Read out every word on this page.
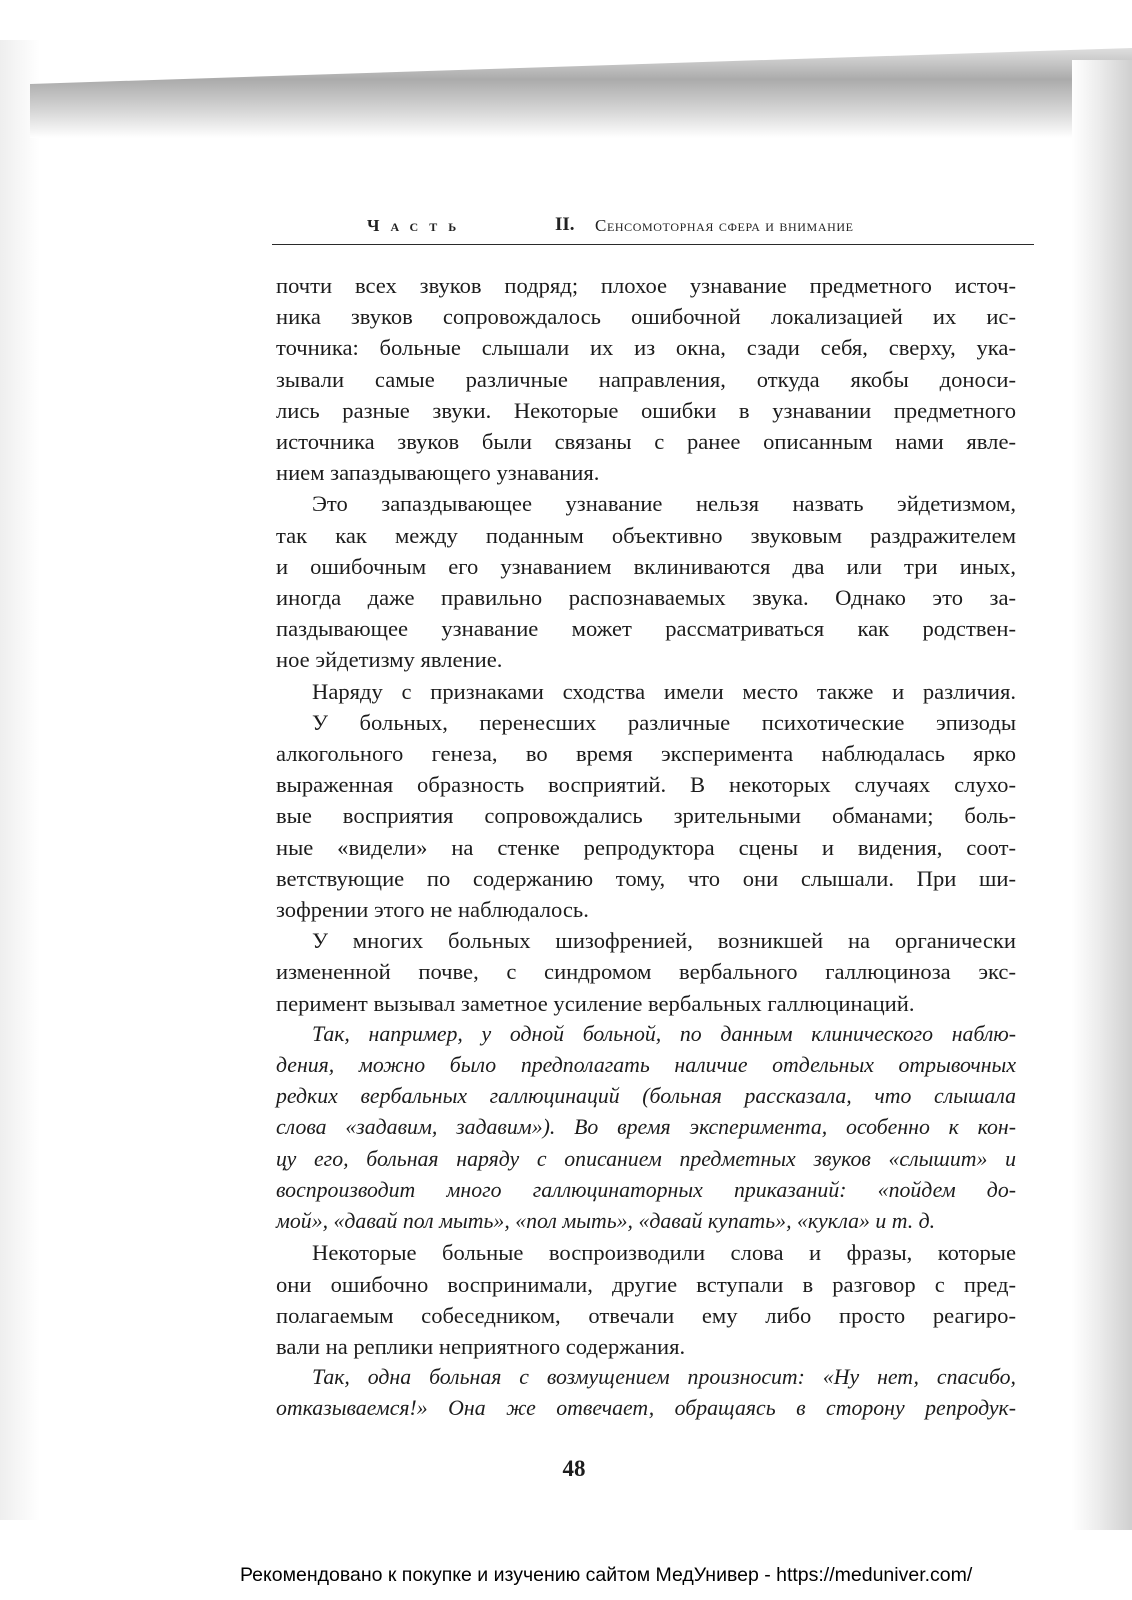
Часть	II. Сенсомоторная сфера и внимание

почти всех звуков подряд; плохое узнавание предметного источ-
ника звуков сопровождалось ошибочной локализацией их ис-
точника: больные слышали их из окна, сзади себя, сверху, ука-
зывали самые различные направления, откуда якобы доноси-
лись разные звуки. Некоторые ошибки в узнавании предметного
источника звуков были связаны с ранее описанным нами явле-
нием запаздывающего узнавания.

Это запаздывающее узнавание нельзя назвать эйдетизмом,
так как между поданным объективно звуковым раздражителем
и ошибочным его узнаванием вклиниваются два или три иных,
иногда даже правильно распознаваемых звука. Однако это за-
паздывающее узнавание может рассматриваться как родствен-
ное эйдетизму явление.

Наряду с признаками сходства имели место также и различия.

У больных, перенесших различные психотические эпизоды
алкогольного генеза, во время эксперимента наблюдалась ярко
выраженная образность восприятий. В некоторых случаях слухо-
вые восприятия сопровождались зрительными обманами; боль-
ные «видели» на стенке репродуктора сцены и видения, соот-
ветствующие по содержанию тому, что они слышали. При ши-
зофрении этого не наблюдалось.

У многих больных шизофренией, возникшей на органически
измененной почве, с синдромом вербального галлюциноза экс-
перимент вызывал заметное усиление вербальных галлюцинаций.

Так, например, у одной больной, по данным клинического наблю-
дения, можно было предполагать наличие отдельных отрывочных
редких вербальных галлюцинаций (больная рассказала, что слышала
слова «задавим, задавим»). Во время эксперимента, особенно к кон-
цу его, больная наряду с описанием предметных звуков «слышит» и
воспроизводит много галлюцинаторных приказаний: «пойдем до-
мой», «давай пол мыть», «пол мыть», «давай купать», «кукла» и т. д.

Некоторые больные воспроизводили слова и фразы, которые
они ошибочно воспринимали, другие вступали в разговор с пред-
полагаемым собеседником, отвечали ему либо просто реагиро-
вали на реплики неприятного содержания.

Так, одна больная с возмущением произносит: «Ну нет, спасибо,
отказываемся!» Она же отвечает, обращаясь в сторону репродук-

48
Рекомендовано к покупке и изучению сайтом МедУнивер - https://meduniver.com/
